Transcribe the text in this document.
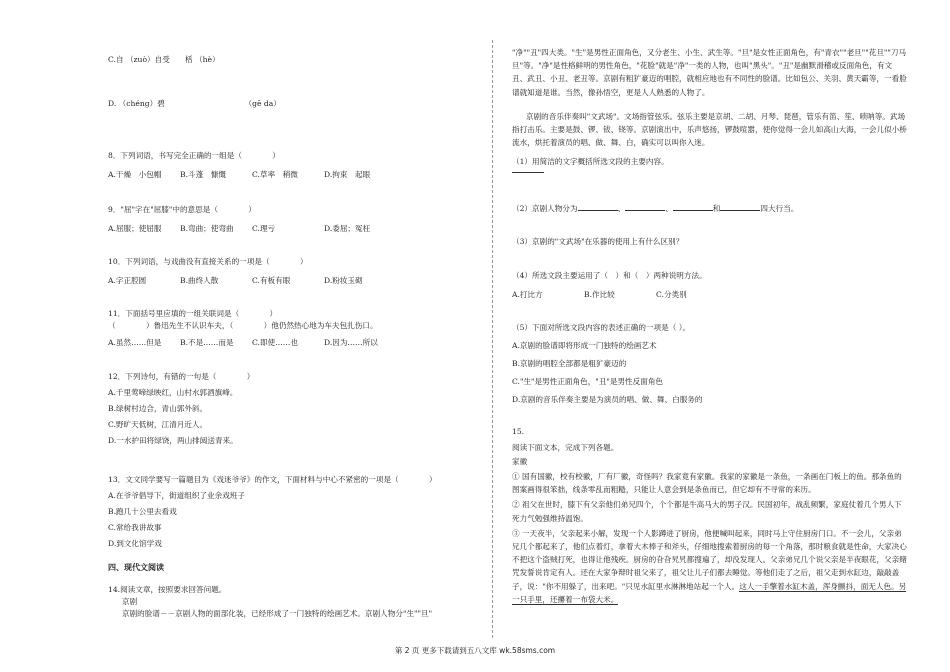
C.自 （zuò）自受　　栝 （hè）

D. （chéng）碧　　　　　　　　　　　（gē da）

8．下列词语，书写完全正确的一组是（　　　　）

A.干燥　小包帽	B.斗蓬　慷慨	C.草率　稍微	D.拘束　起眼

9．"屈"字在"屈膝"中的意思是（　　　　）

A.屈服；使屈服	B.弯曲；使弯曲	C.理亏	D.委屈；冤枉

10．下列词语，与戏曲没有直接关系的一项是（　　　　）

A.字正腔圆	B.曲终人散	C.有板有眼	D.粉妆玉砌

11．下面括号里应填的一组关联词是（　　　　）

（　　　　）鲁迅先生不认识车夫，（　　　　）他仍然热心地为车夫包扎伤口。

A.虽然……但是	B.不是……而是	C.即使……也	D.因为……所以

12．下列诗句，有错的一句是（　　　　）

A.千里莺啼绿映红，山村水郭酒旗峰。

B.绿树村边合，青山郭外斜。

C.野旷天低树，江清月近人。

D.一水护田将绿饶，两山排闼送青来。

13．文文同学要写一篇题目为《戏迷爷爷》的作文，下面材料与中心不紧密的一项是（　　　　）

A.在爷爷倡导下，街道组织了业余戏班子

B.跑几十公里去看戏

C.常给我讲故事

D.到文化馆学戏

四、现代文阅读

14.阅读文章，按照要求回答问题。

京剧

京剧的脸谱－－京剧人物的面部化装，已经形成了一门独特的绘画艺术。京剧人物分"生""旦"

"净""丑"四大类。"生"是男性正面角色，又分老生、小生、武生等。"旦"是女性正面角色，有"青衣""老旦""花旦""刀马旦"等。"净"是性格鲜明的男性角色，"花脸"就是"净"一类的人物，也叫"黑头"。"丑"是幽默滑稽或反面角色，有文丑、武丑、小丑、老丑等。京剧有粗犷豪迈的唱腔，就相应地也有不同性的脸谱。比如包公、关羽、黄天霸等，一看脸谱就知道是谁。当然，像孙悟空，更是人人熟悉的人物了。

京剧的音乐伴奏叫"文武场"。文场指管弦乐。弦乐主要是京胡、二胡、月琴、琵琶，管乐有笛、笙、唢呐等。武场指打击乐。主要是鼓、锣、钹、铙等。京剧演出中，乐声悠扬，锣鼓喧嚣，使你觉得一会儿如高山大海，一会儿似小桥流水，烘托着演员的唱、做、舞、白，确实可以叫你入迷。

（1）用简洁的文字概括所选文段的主要内容。

（2）京剧人物分为	、	、	和	四大行当。

（3）京剧的"文武场"在乐器的使用上有什么区别？

（4）所选文段主要运用了（　）和（　）两种说明方法。

A.打比方	B.作比较	C.分类别

（5）下面对所选文段内容的表述正确的一项是（ ）。

A.京剧的脸谱即将形成一门独特的绘画艺术

B.京剧的唱腔全部都是粗犷豪迈的

C."生"是男性正面角色，"丑"是男性反面角色

D.京剧的音乐伴奏主要是为演员的唱、做、舞、白服务的

15.

阅读下面文本，完成下列各题。

家徽

① 国有国徽，校有校徽，厂有厂徽，奇怪吗？我家竟有家徽。我家的家徽是一条鱼，一条画在门板上的鱼。那条鱼的图案画得很笨拙，线条零乱而粗糙，只能让人意会到是条鱼而已，但它却有不寻常的来历。

② 祖父在世时，膝下有父亲他们弟兄四个，个个都是牛高马大的男子汉。民国初年，战乱频繁，家庭仗着几个男人下死力气勉强维持温饱。

③ 一天夜半，父亲起来小解，发现一个人影蹲进了厨房，他便喊叫起来，同时马上守住厨房门口。不一会儿，父亲弟兄几个都起来了，他们点着灯，拿着大木棒子和斧头，仔细地搜索着厨房的每一个角落，那时粮食就是性命，大家决心不把这个盗贼打死，也得让他残疾。厨房的旮旮旯旯都搜遍了，却没发现人。父亲弟兄几个说父亲是半夜眼花，父亲赌咒发誓说肯定有人。还在大家争辩时祖父来了，祖父让儿子们都去睡觉。等他们走了之后，祖父走到水缸边，敲敲盖子，说："你不用躲了，出来吧。"只见水缸里水淋淋地站起一个人。这人一手擎着水缸木盖，浑身颤抖，面无人色。另一只手里，还攥着一布袋大米。

第 2 页 更多下载请到五八文库 wk.58sms.com
